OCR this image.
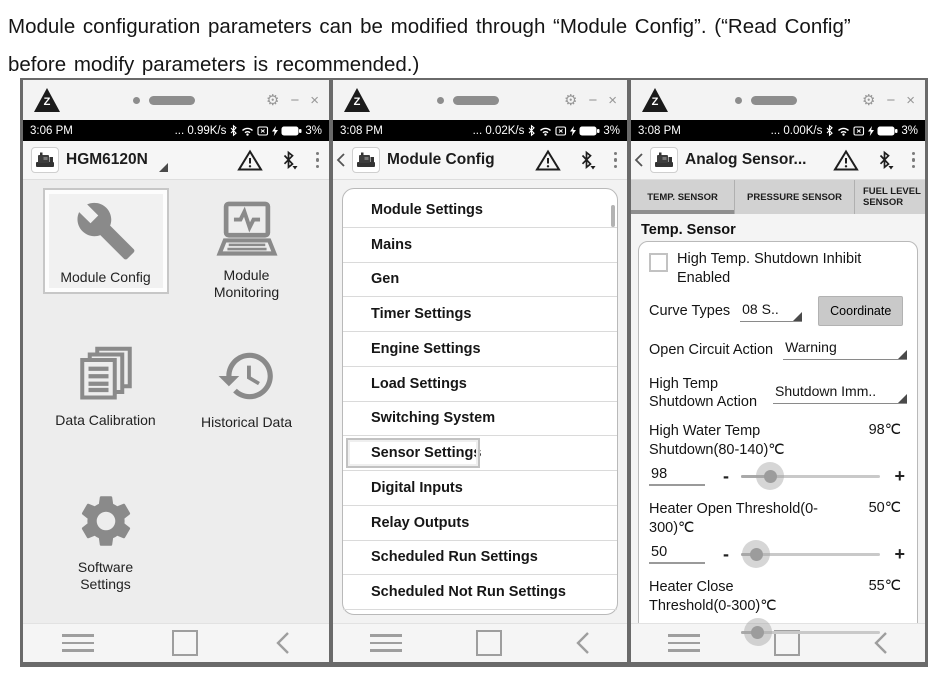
Module configuration parameters can be modified through “Module Config”. (“Read Config”
before modify parameters is recommended.)
Z	⚙ − ×
3:06 PM	... 0.99K/s	3%
HGM6120N
Module Config	Module Monitoring
Data Calibration	Historical Data
Software Settings
Z	⚙ − ×
3:08 PM	... 0.02K/s	3%
Module Config
Module Settings
Mains
Gen
Timer Settings
Engine Settings
Load Settings
Switching System
Sensor Settings
Digital Inputs
Relay Outputs
Scheduled Run Settings
Scheduled Not Run Settings
Z	⚙ − ×
3:08 PM	... 0.00K/s	3%
Analog Sensor...
TEMP. SENSOR	PRESSURE SENSOR	FUEL LEVEL SENSOR
Temp. Sensor
High Temp. Shutdown Inhibit Enabled
Curve Types 08 S..	Coordinate
Open Circuit Action Warning
High Temp Shutdown Action
Shutdown Imm..
High Water Temp Shutdown(80-140)℃
98℃
98	-	+
Heater Open Threshold(0-300)℃
50℃
50	-	+
Heater Close Threshold(0-300)℃
55℃
